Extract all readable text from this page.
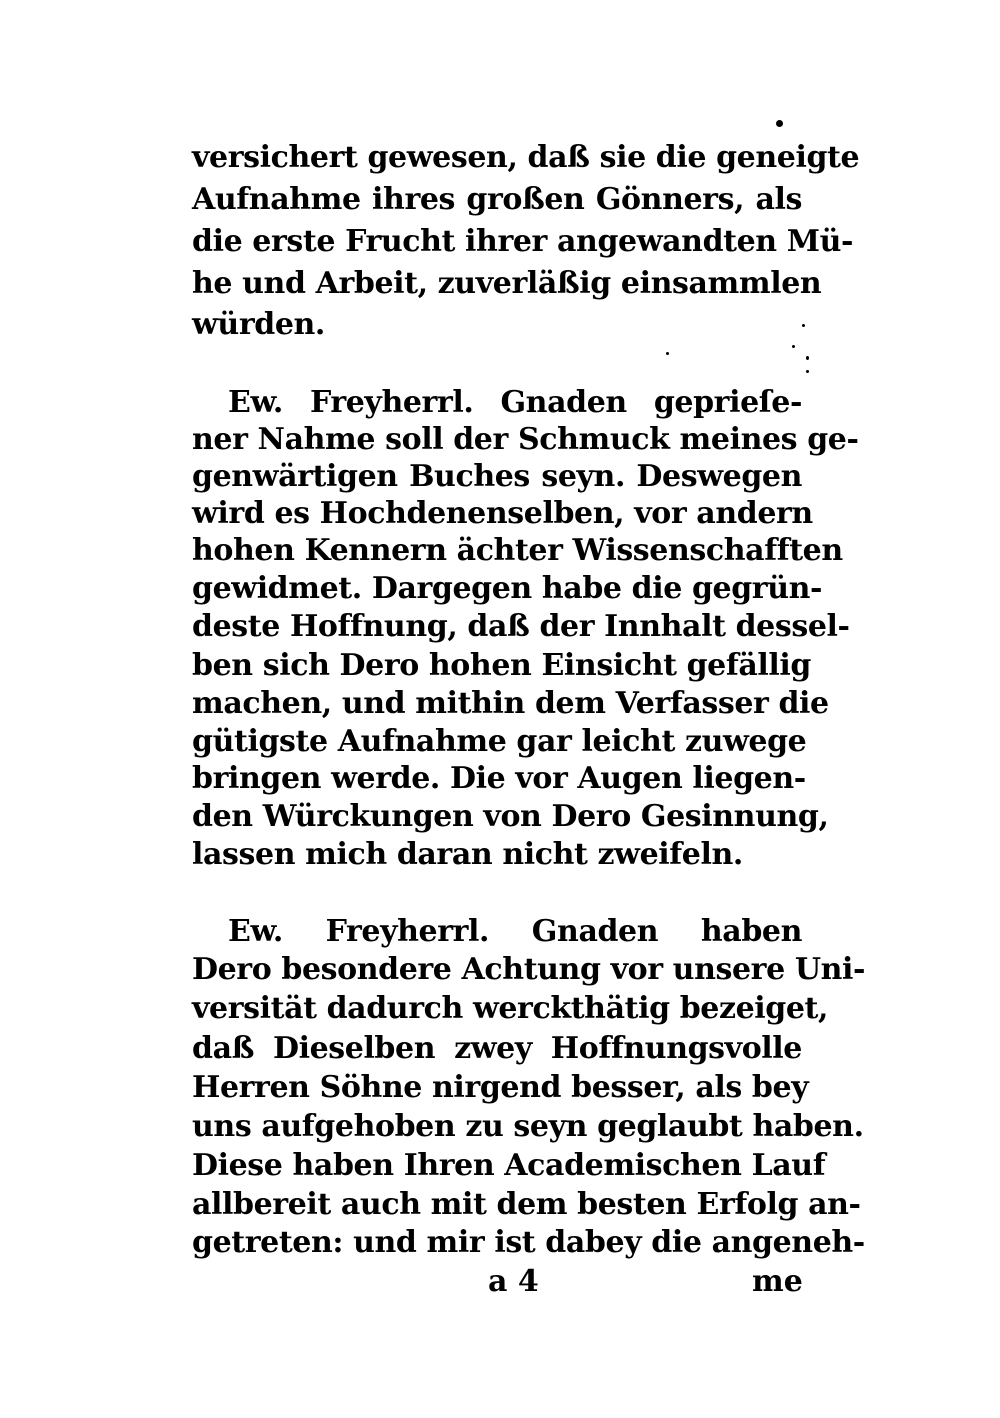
versichert gewesen, daß sie die geneigte
Aufnahme ihres großen Gönners, als
die erste Frucht ihrer angewandten Mü-
he und Arbeit, zuverläßig einsammlen
würden.
Ew. Freyherrl. Gnaden geprieſe-
ner Nahme soll der Schmuck meines ge-
genwärtigen Buches seyn. Deswegen
wird es Hochdenenselben, vor andern
hohen Kennern ächter Wissenschafften
gewidmet. Dargegen habe die gegrün-
deste Hoffnung, daß der Innhalt dessel-
ben sich Dero hohen Einsicht gefällig
machen, und mithin dem Verfasser die
gütigste Aufnahme gar leicht zuwege
bringen werde. Die vor Augen liegen-
den Würckungen von Dero Gesinnung,
lassen mich daran nicht zweifeln.
Ew. Freyherrl. Gnaden haben
Dero besondere Achtung vor unsere Uni-
versität dadurch werckthätig bezeiget,
daß Dieselben zwey Hoffnungsvolle
Herren Söhne nirgend besser, als bey
uns aufgehoben zu seyn geglaubt haben.
Diese haben Ihren Academischen Lauf
allbereit auch mit dem besten Erfolg an-
getreten: und mir ist dabey die angeneh-
a 4	me
